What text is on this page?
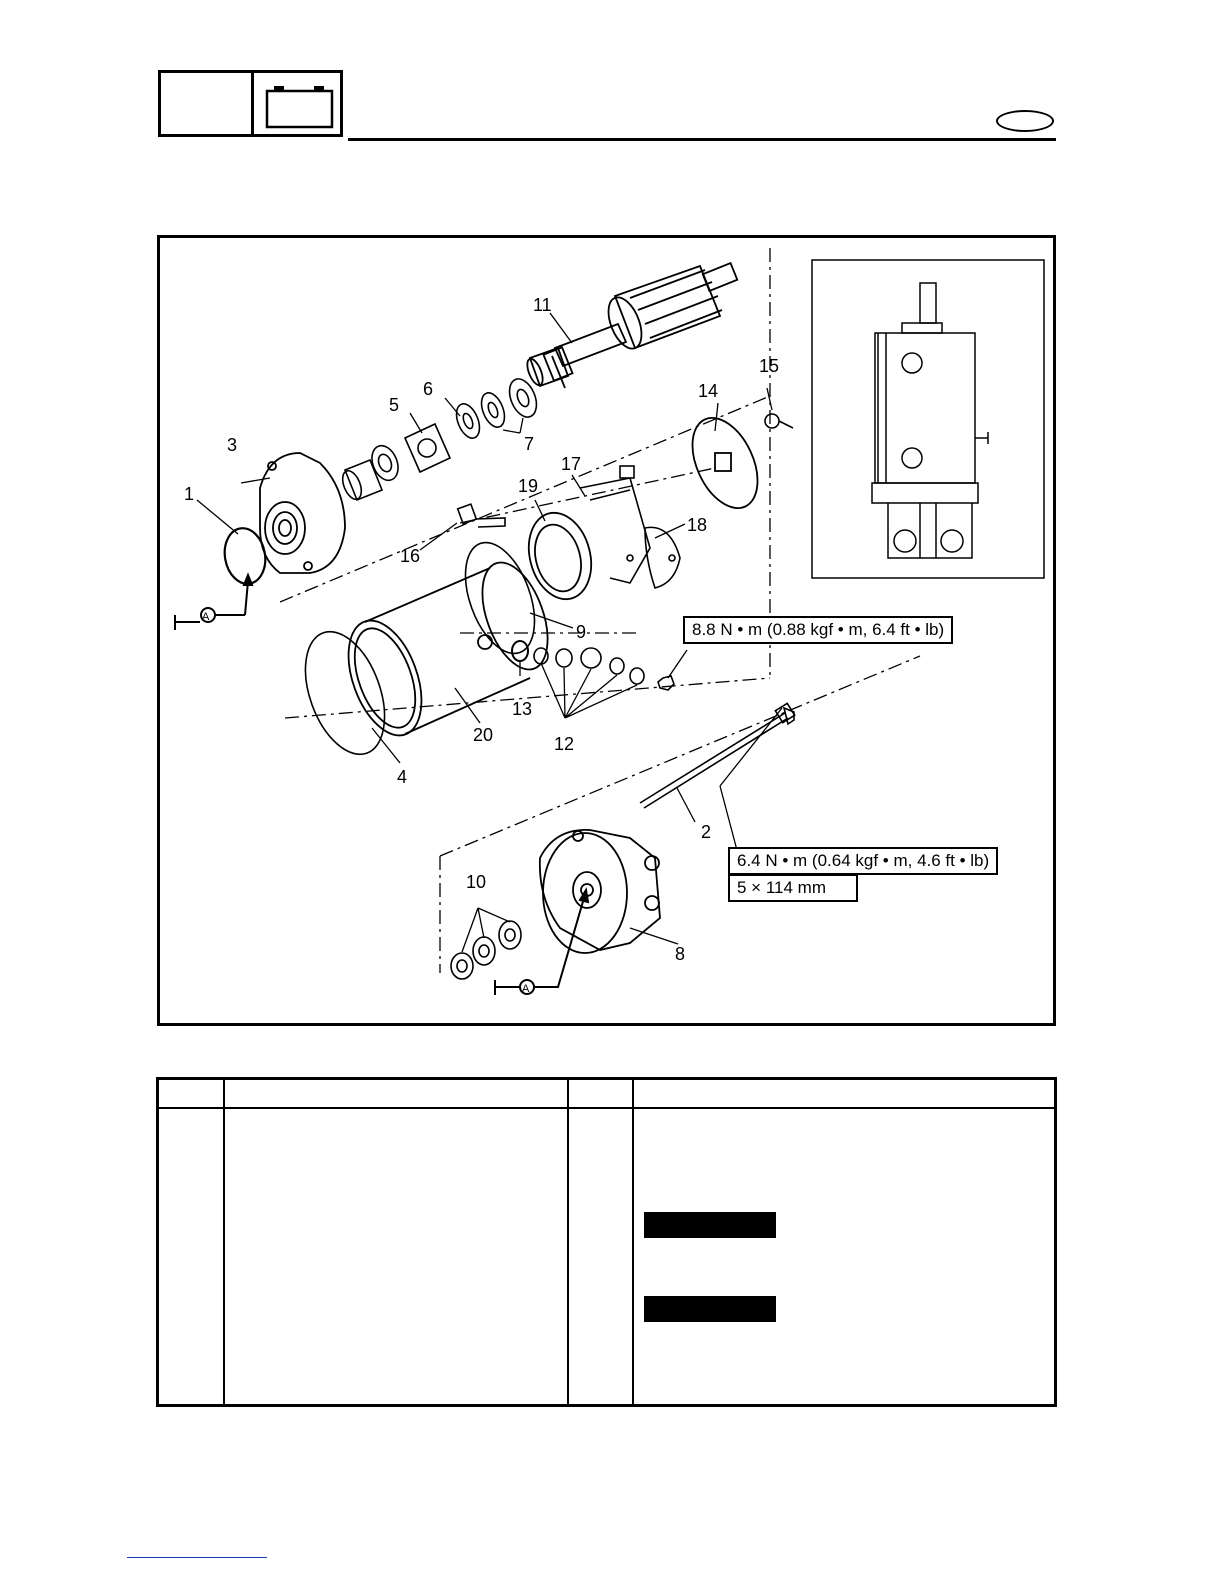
11
6
5
7
3
1
14
15
17
19
18
16
9
13
20	12
4
2
10
8
8.8 N • m (0.88 kgf • m, 6.4 ft • lb)
6.4 N • m (0.64 kgf • m, 4.6 ft • lb)
5 × 114 mm
A
A
